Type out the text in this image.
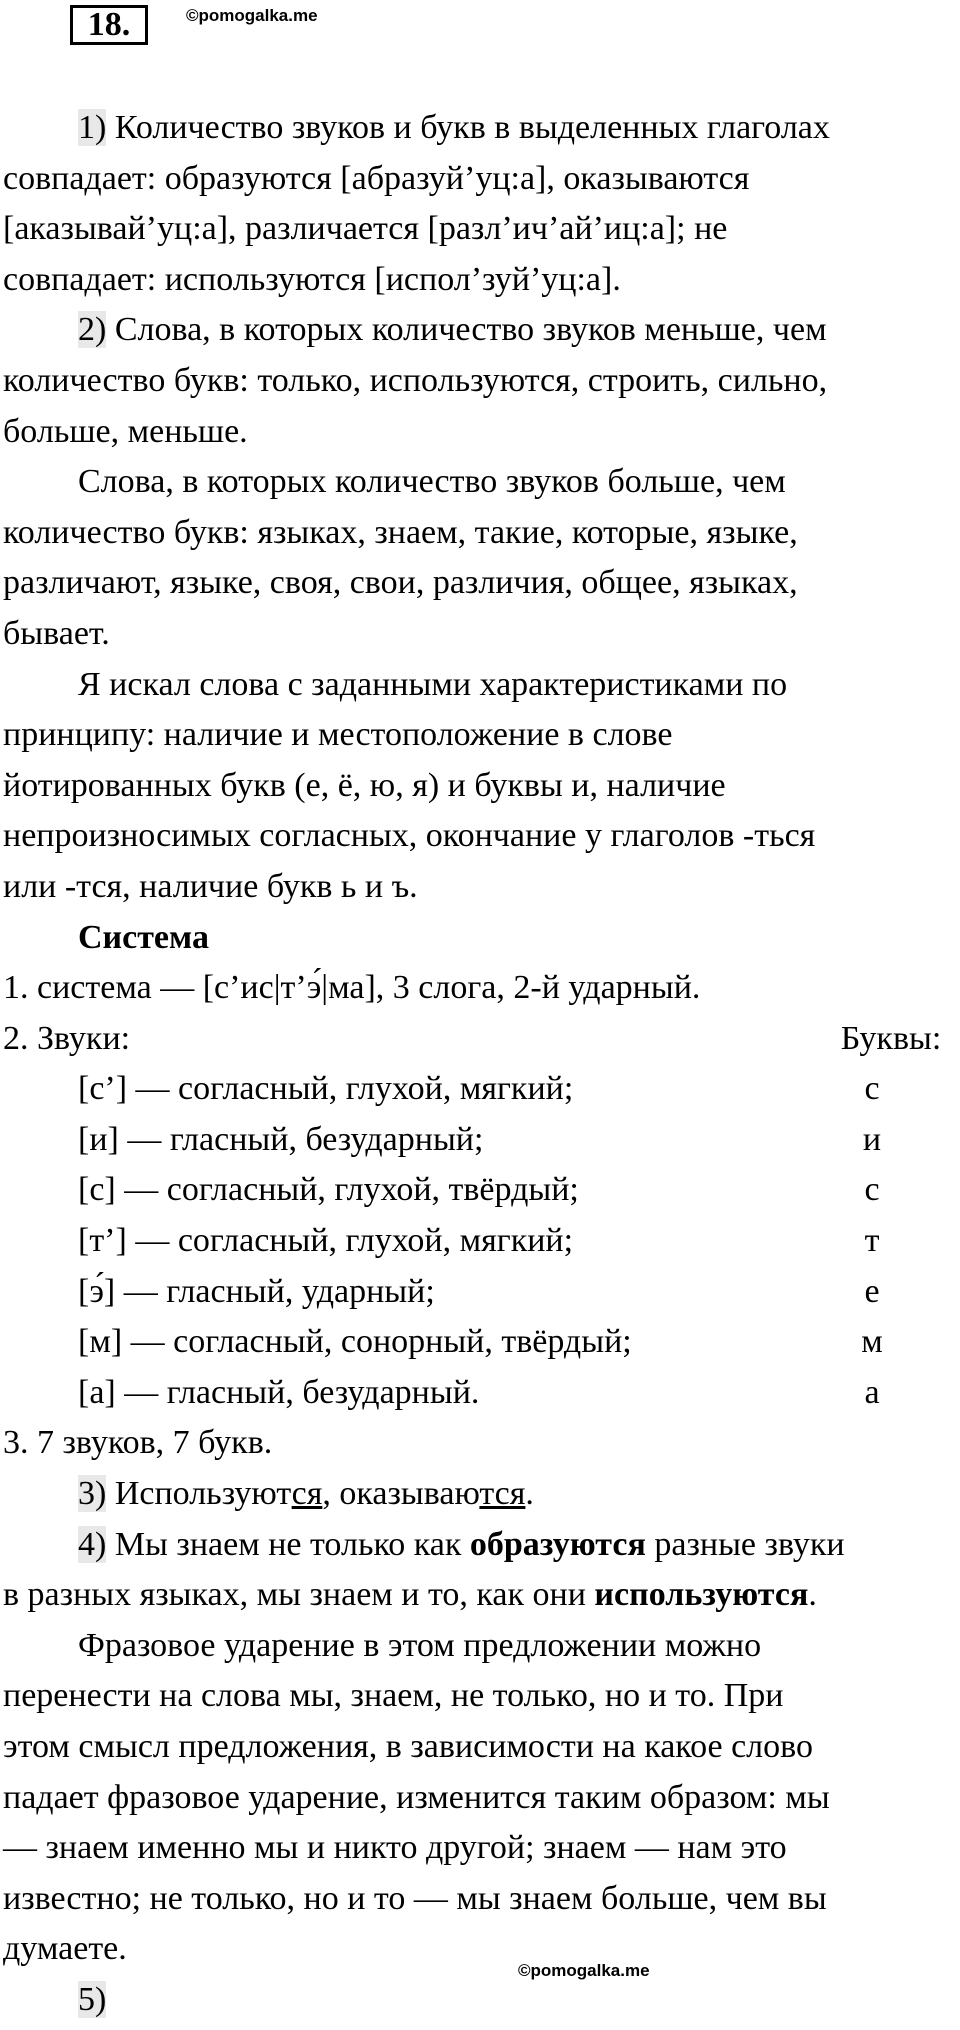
18.	©pomogalka.me

1) Количество звуков и букв в выделенных глаголах

совпадает: образуются [абразуй’уц:а], оказываются

[аказывай’уц:а], различается [разл’ич’ай’иц:а]; не

совпадает: используются [испол’зуй’уц:а].

2) Слова, в которых количество звуков меньше, чем

количество букв: только, используются, строить, сильно,

больше, меньше.

Слова, в которых количество звуков больше, чем

количество букв: языках, знаем, такие, которые, языке,

различают, языке, своя, свои, различия, общее, языках,

бывает.

Я искал слова с заданными характеристиками по

принципу: наличие и местоположение в слове

йотированных букв (е, ё, ю, я) и буквы и, наличие

непроизносимых согласных, окончание у глаголов -ться

или -тся, наличие букв ь и ъ.

Система

1. система — [с’ис|т’э́|ма], 3 слога, 2-й ударный.

2. Звуки:	Буквы:
[с’] — согласный, глухой, мягкий;	с
[и] — гласный, безударный;	и
[с] — согласный, глухой, твёрдый;	с
[т’] — согласный, глухой, мягкий;	т
[э́] — гласный, ударный;	е
[м] — согласный, сонорный, твёрдый;	м
[а] — гласный, безударный.	а

3. 7 звуков, 7 букв.

3) Используются, оказываются.

4) Мы знаем не только как образуются разные звуки

в разных языках, мы знаем и то, как они используются.

Фразовое ударение в этом предложении можно

перенести на слова мы, знаем, не только, но и то. При

этом смысл предложения, в зависимости на какое слово

падает фразовое ударение, изменится таким образом: мы

— знаем именно мы и никто другой; знаем — нам это

известно; не только, но и то — мы знаем больше, чем вы

думаете.

5)

©pomogalka.me
